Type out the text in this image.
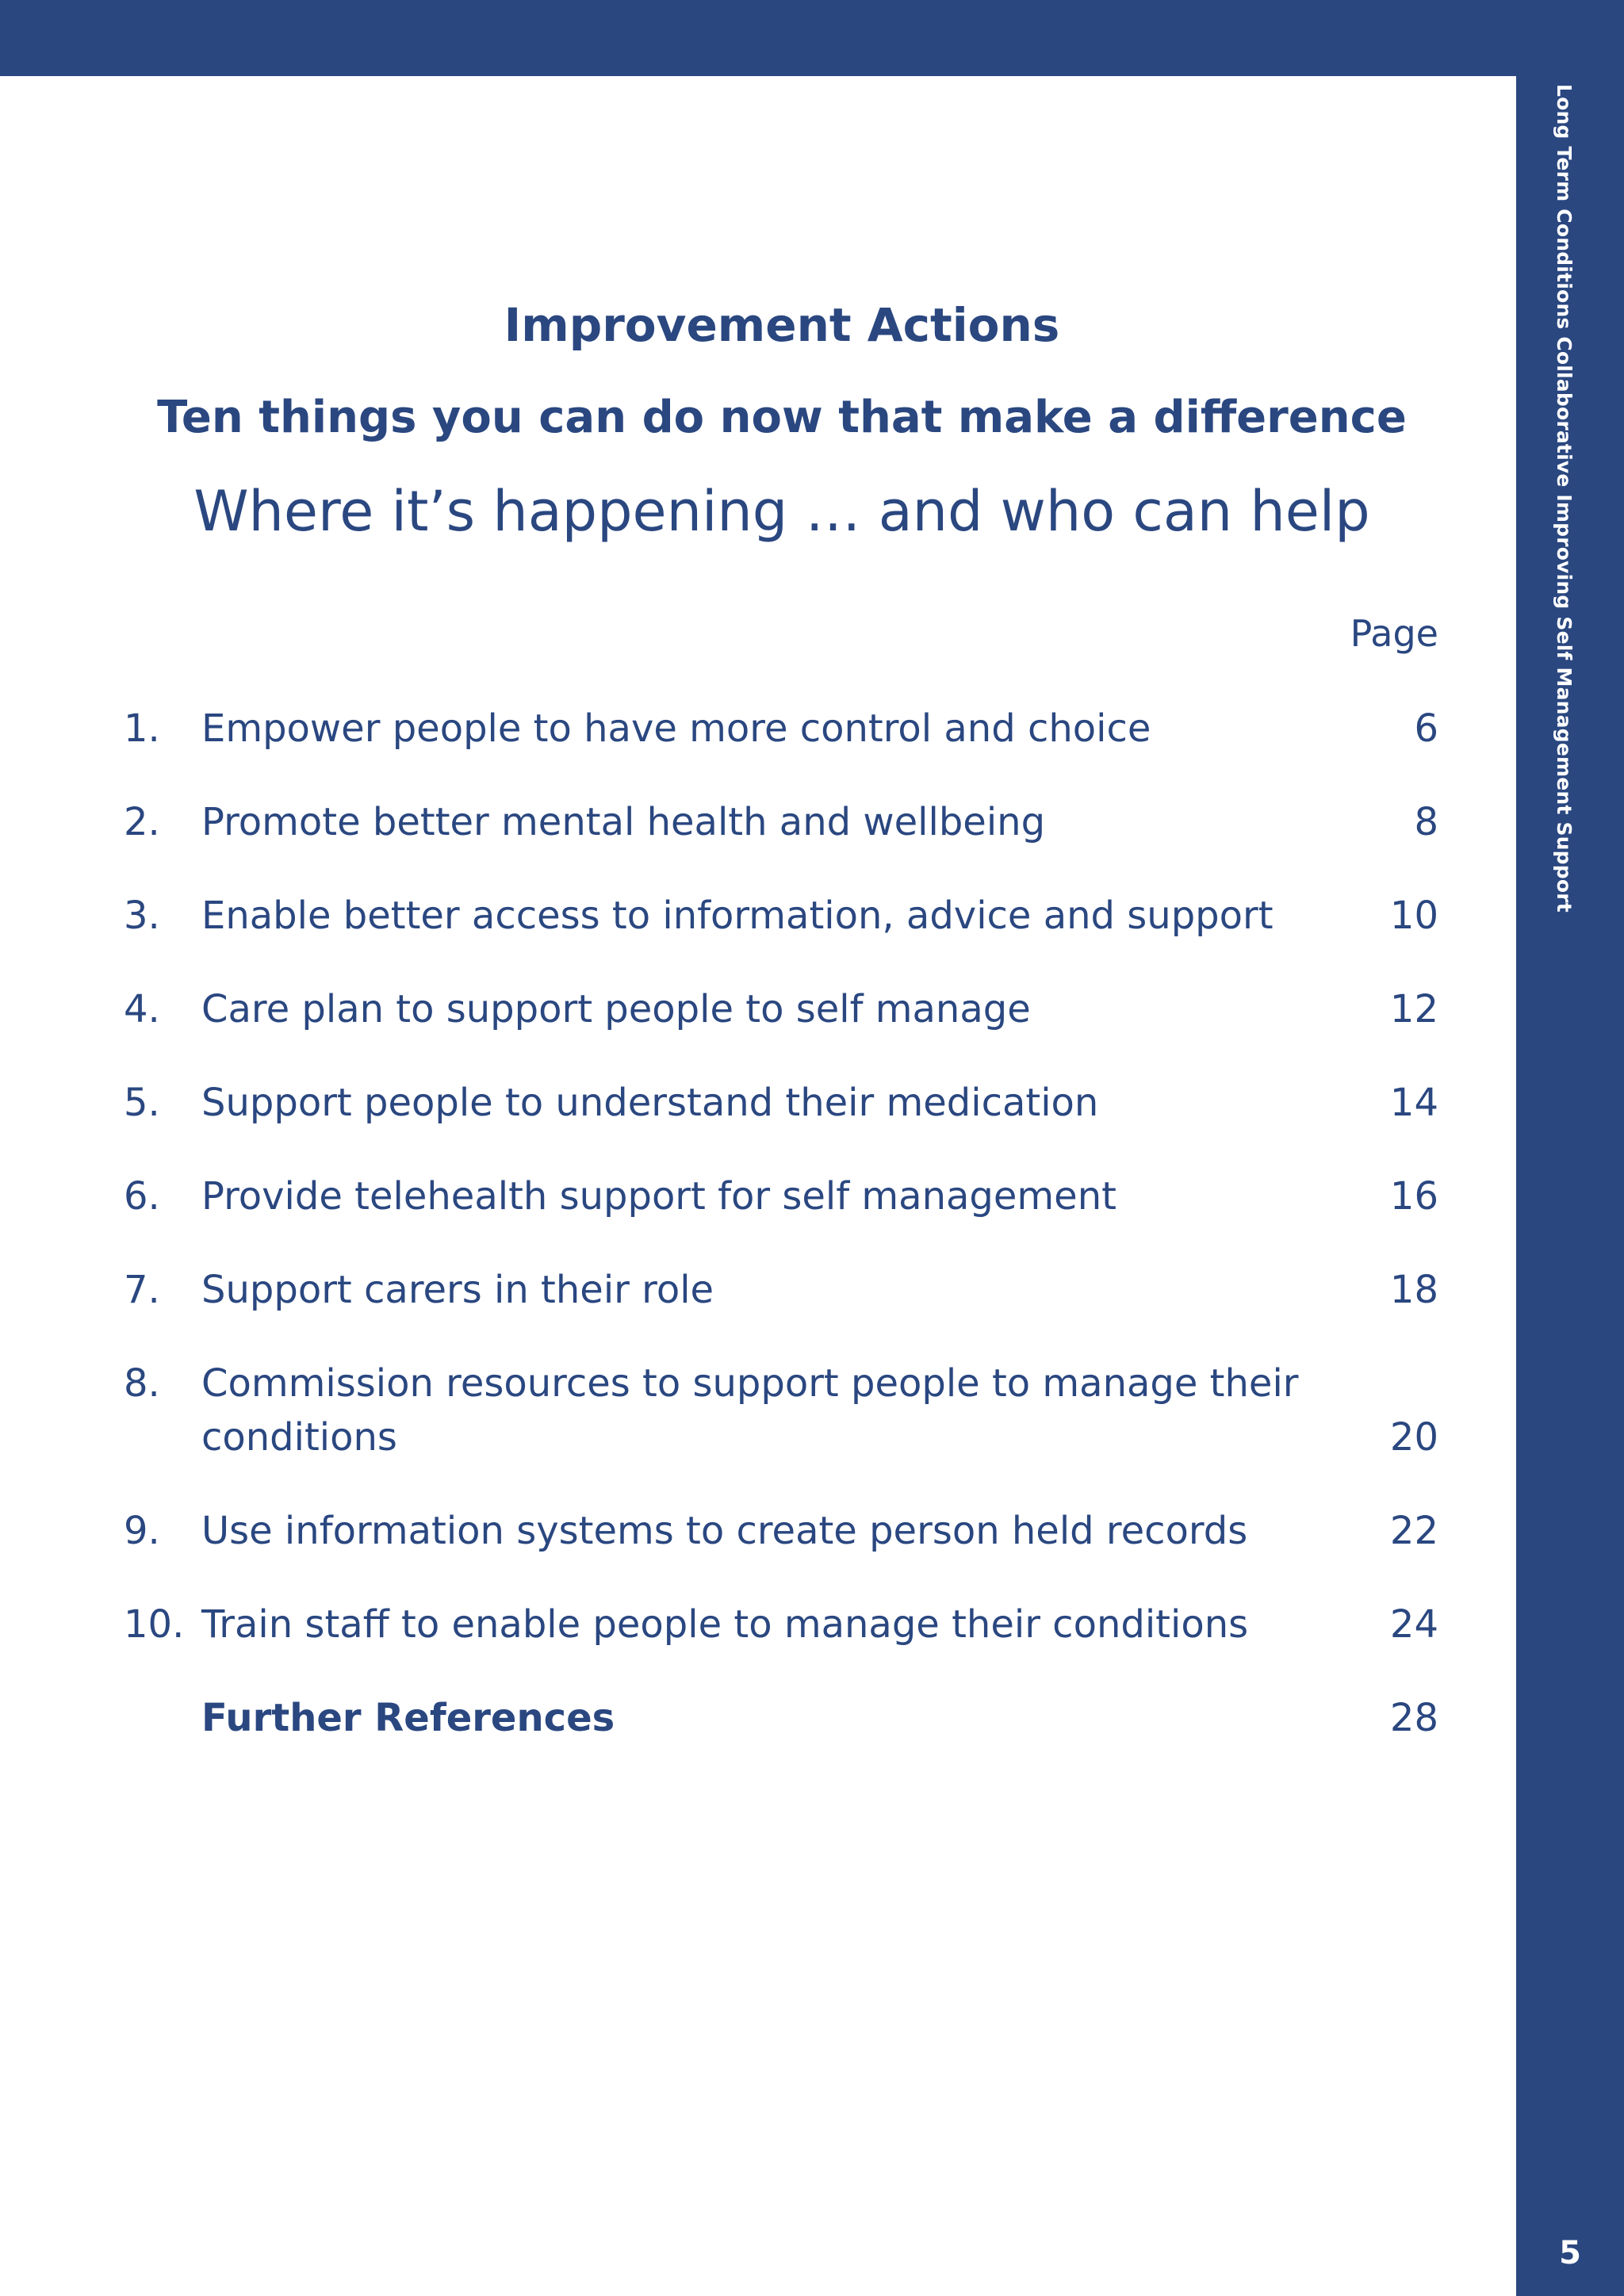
Long Term Conditions Collaborative Improving Self Management Support
5
Improvement Actions
Ten things you can do now that make a difference
Where it’s happening … and who can help
Page
1. Empower people to have more control and choice	6
2. Promote better mental health and wellbeing	8
3. Enable better access to information, advice and support	10
4. Care plan to support people to self manage	12
5. Support people to understand their medication	14
6. Provide telehealth support for self management	16
7. Support carers in their role	18
8. Commission resources to support people to manage their conditions	20
9. Use information systems to create person held records	22
10. Train staff to enable people to manage their conditions	24
Further References	28
